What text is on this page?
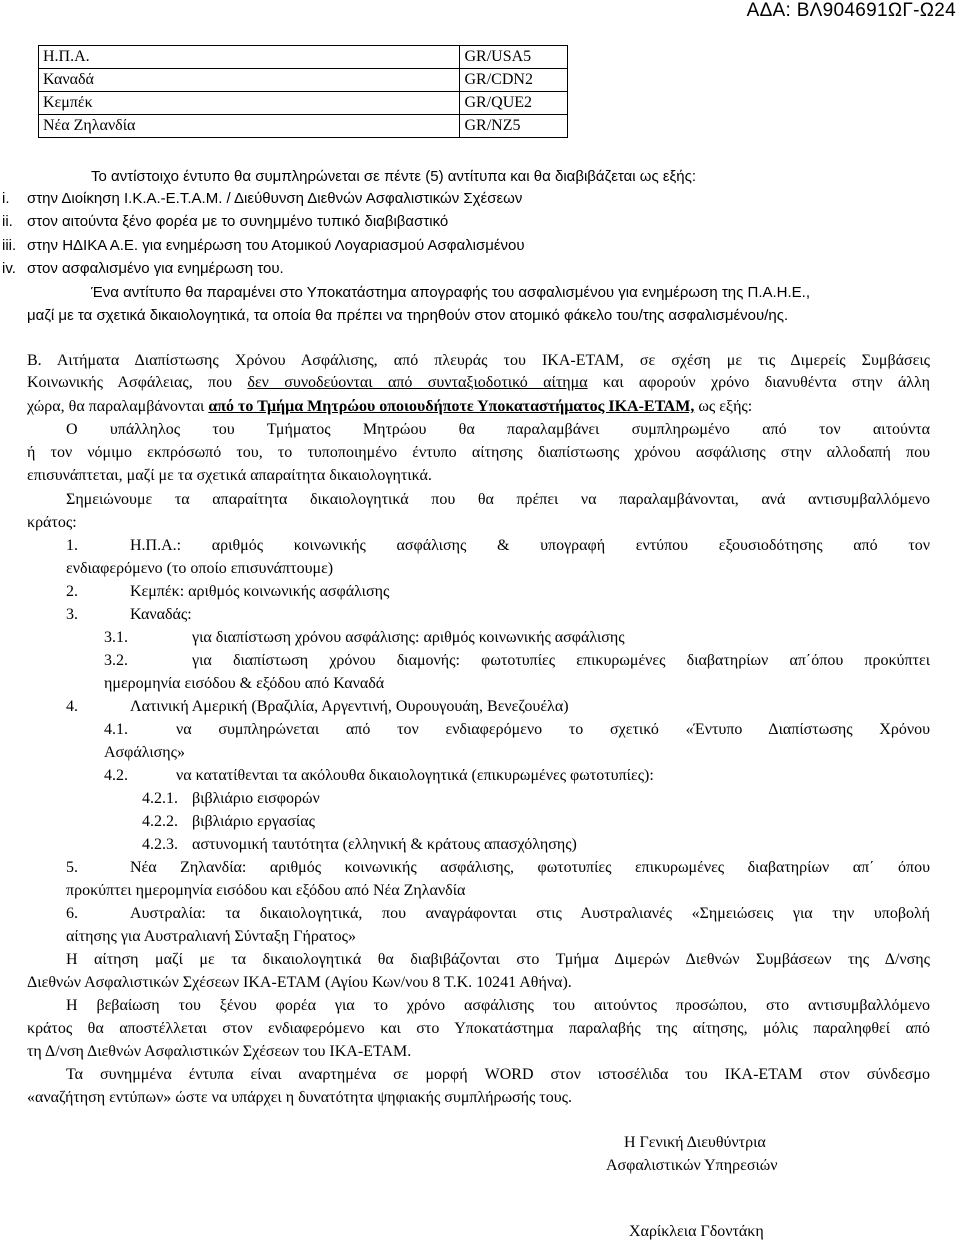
ΑΔΑ: ΒΛ904691ΩΓ-Ω24
Η.Π.Α.	GR/USA5
Καναδά	GR/CDN2
Κεμπέκ	GR/QUE2
Νέα Ζηλανδία	GR/NZ5
Το αντίστοιχο έντυπο θα συμπληρώνεται σε πέντε (5) αντίτυπα και θα διαβιβάζεται ως εξής:
i. στην Διοίκηση Ι.Κ.Α.-Ε.Τ.Α.Μ. / Διεύθυνση Διεθνών Ασφαλιστικών Σχέσεων
ii. στον αιτούντα ξένο φορέα με το συνημμένο τυπικό διαβιβαστικό
iii. στην ΗΔΙΚΑ Α.Ε. για ενημέρωση του Ατομικού Λογαριασμού Ασφαλισμένου
iv. στον ασφαλισμένο για ενημέρωση του.
Ένα αντίτυπο θα παραμένει στο Υποκατάστημα απογραφής του ασφαλισμένου για ενημέρωση της Π.Α.Η.Ε.,
μαζί με τα σχετικά δικαιολογητικά, τα οποία θα πρέπει να τηρηθούν στον ατομικό φάκελο του/της ασφαλισμένου/ης.
Β. Αιτήματα Διαπίστωσης Χρόνου Ασφάλισης, από πλευράς του ΙΚΑ-ΕΤΑΜ, σε σχέση με τις Διμερείς Συμβάσεις
Κοινωνικής Ασφάλειας, που δεν συνοδεύονται από συνταξιοδοτικό αίτημα και αφορούν χρόνο διανυθέντα στην άλλη
χώρα, θα παραλαμβάνονται από το Τμήμα Μητρώου οποιουδήποτε Υποκαταστήματος ΙΚΑ-ΕΤΑΜ, ως εξής:
Ο υπάλληλος του Τμήματος Μητρώου θα παραλαμβάνει συμπληρωμένο από τον αιτούντα
ή τον νόμιμο εκπρόσωπό του, το τυποποιημένο έντυπο αίτησης διαπίστωσης χρόνου ασφάλισης στην αλλοδαπή που
επισυνάπτεται, μαζί με τα σχετικά απαραίτητα δικαιολογητικά.
Σημειώνουμε τα απαραίτητα δικαιολογητικά που θα πρέπει να παραλαμβάνονται, ανά αντισυμβαλλόμενο
κράτος:
1.	Η.Π.Α.: αριθμός κοινωνικής ασφάλισης & υπογραφή εντύπου εξουσιοδότησης από τον
ενδιαφερόμενο (το οποίο επισυνάπτουμε)
2.	Κεμπέκ: αριθμός κοινωνικής ασφάλισης
3.	Καναδάς:
3.1.	για διαπίστωση χρόνου ασφάλισης: αριθμός κοινωνικής ασφάλισης
3.2.	για διαπίστωση χρόνου διαμονής: φωτοτυπίες επικυρωμένες διαβατηρίων απ΄όπου προκύπτει
ημερομηνία εισόδου & εξόδου από Καναδά
4.	Λατινική Αμερική (Βραζιλία, Αργεντινή, Ουρουγουάη, Βενεζουέλα)
4.1.	να συμπληρώνεται από τον ενδιαφερόμενο το σχετικό «Έντυπο Διαπίστωσης Χρόνου
Ασφάλισης»
4.2.	να κατατίθενται τα ακόλουθα δικαιολογητικά (επικυρωμένες φωτοτυπίες):
4.2.1. βιβλιάριο εισφορών
4.2.2. βιβλιάριο εργασίας
4.2.3. αστυνομική ταυτότητα (ελληνική & κράτους απασχόλησης)
5.	Νέα Ζηλανδία: αριθμός κοινωνικής ασφάλισης, φωτοτυπίες επικυρωμένες διαβατηρίων απ΄ όπου
προκύπτει ημερομηνία εισόδου και εξόδου από Νέα Ζηλανδία
6.	Αυστραλία: τα δικαιολογητικά, που αναγράφονται στις Αυστραλιανές «Σημειώσεις για την υποβολή
αίτησης για Αυστραλιανή Σύνταξη Γήρατος»
Η αίτηση μαζί με τα δικαιολογητικά θα διαβιβάζονται στο Τμήμα Διμερών Διεθνών Συμβάσεων της Δ/νσης
Διεθνών Ασφαλιστικών Σχέσεων ΙΚΑ-ΕΤΑΜ (Αγίου Κων/νου 8 Τ.Κ. 10241 Αθήνα).
Η βεβαίωση του ξένου φορέα για το χρόνο ασφάλισης του αιτούντος προσώπου, στο αντισυμβαλλόμενο
κράτος θα αποστέλλεται στον ενδιαφερόμενο και στο Υποκατάστημα παραλαβής της αίτησης, μόλις παραληφθεί από
τη Δ/νση Διεθνών Ασφαλιστικών Σχέσεων του ΙΚΑ-ΕΤΑΜ.
Τα συνημμένα έντυπα είναι αναρτημένα σε μορφή WORD στον ιστοσέλιδα του ΙΚΑ-ΕΤΑΜ στον σύνδεσμο
«αναζήτηση εντύπων» ώστε να υπάρχει η δυνατότητα ψηφιακής συμπλήρωσής τους.
Η Γενική Διευθύντρια
Ασφαλιστικών Υπηρεσιών
Χαρίκλεια Γδοντάκη
